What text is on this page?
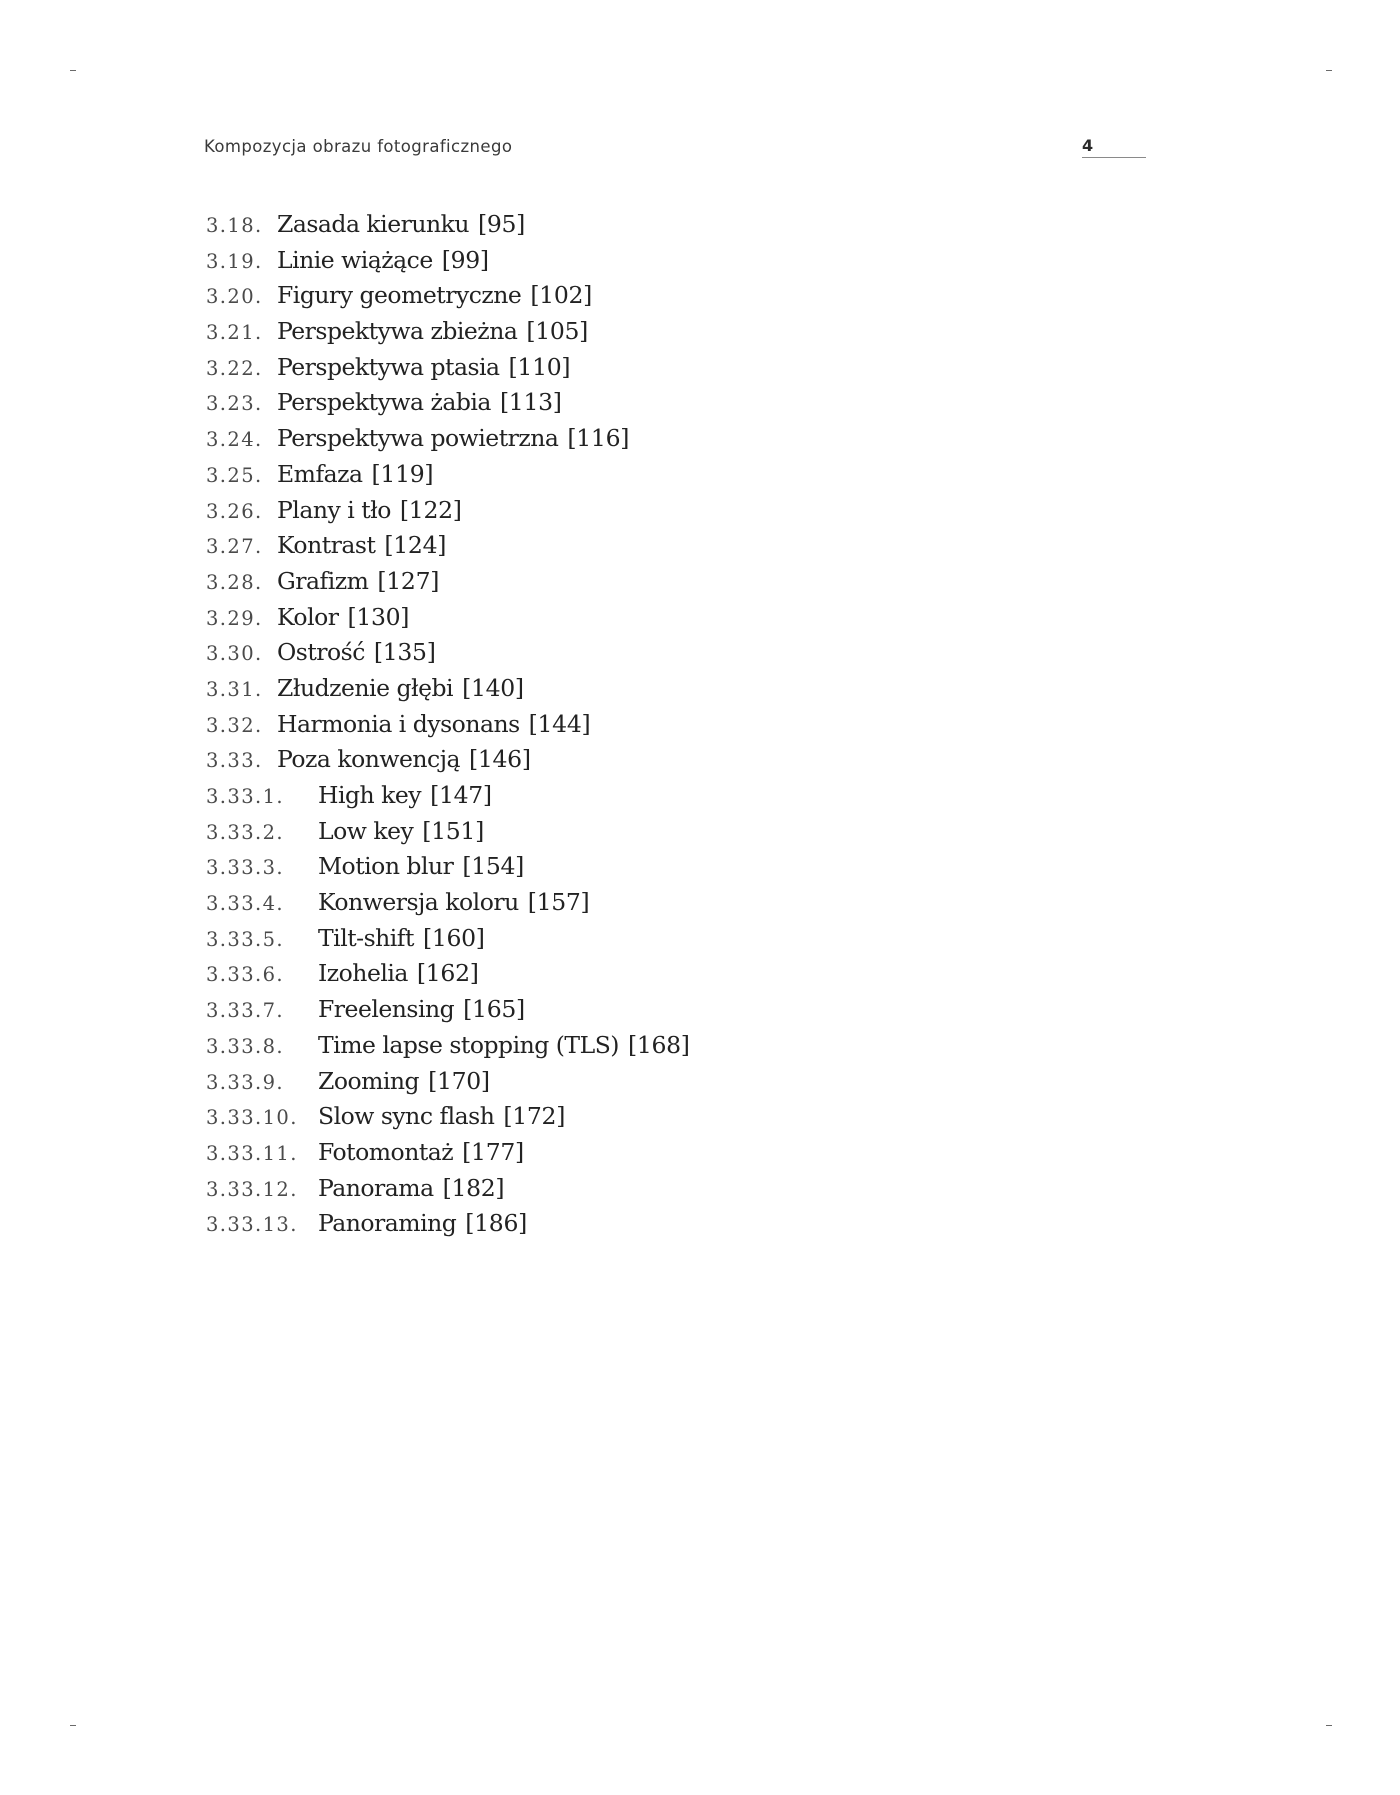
Kompozycja obrazu fotograficznego	4
3.18. Zasada kierunku [95]
3.19. Linie wiążące [99]
3.20. Figury geometryczne [102]
3.21. Perspektywa zbieżna [105]
3.22. Perspektywa ptasia [110]
3.23. Perspektywa żabia [113]
3.24. Perspektywa powietrzna [116]
3.25. Emfaza [119]
3.26. Plany i tło [122]
3.27. Kontrast [124]
3.28. Grafizm [127]
3.29. Kolor [130]
3.30. Ostrość [135]
3.31. Złudzenie głębi [140]
3.32. Harmonia i dysonans [144]
3.33. Poza konwencją [146]
3.33.1.	High key [147]
3.33.2.	Low key [151]
3.33.3.	Motion blur [154]
3.33.4.	Konwersja koloru [157]
3.33.5.	Tilt-shift [160]
3.33.6.	Izohelia [162]
3.33.7.	Freelensing [165]
3.33.8.	Time lapse stopping (TLS) [168]
3.33.9.	Zooming [170]
3.33.10. Slow sync flash [172]
3.33.11. Fotomontaż [177]
3.33.12. Panorama [182]
3.33.13. Panoraming [186]
